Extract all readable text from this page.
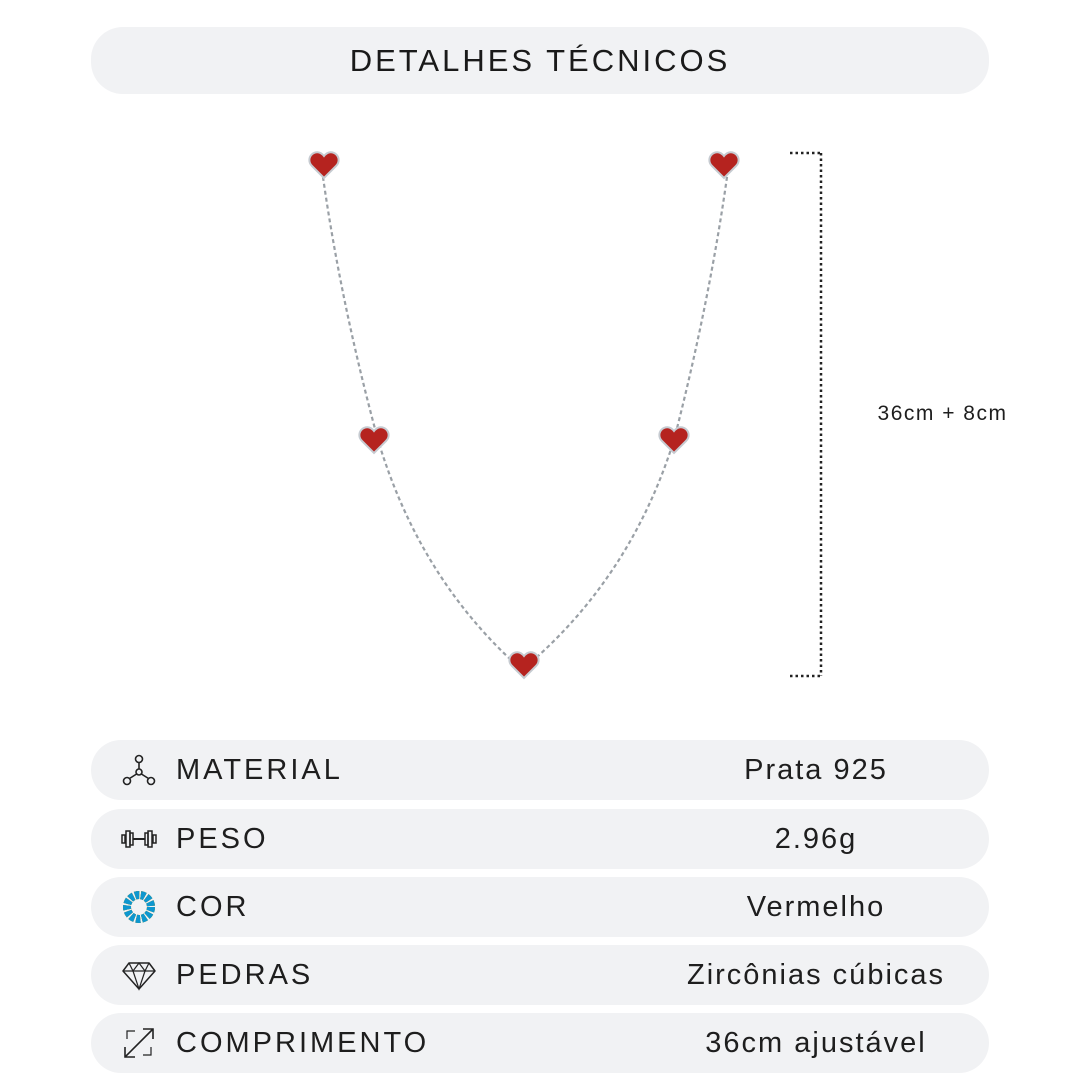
DETALHES TÉCNICOS
36cm + 8cm
MATERIAL	Prata 925
PESO	2.96g
COR	Vermelho
PEDRAS	Zircônias cúbicas
COMPRIMENTO	36cm ajustável
